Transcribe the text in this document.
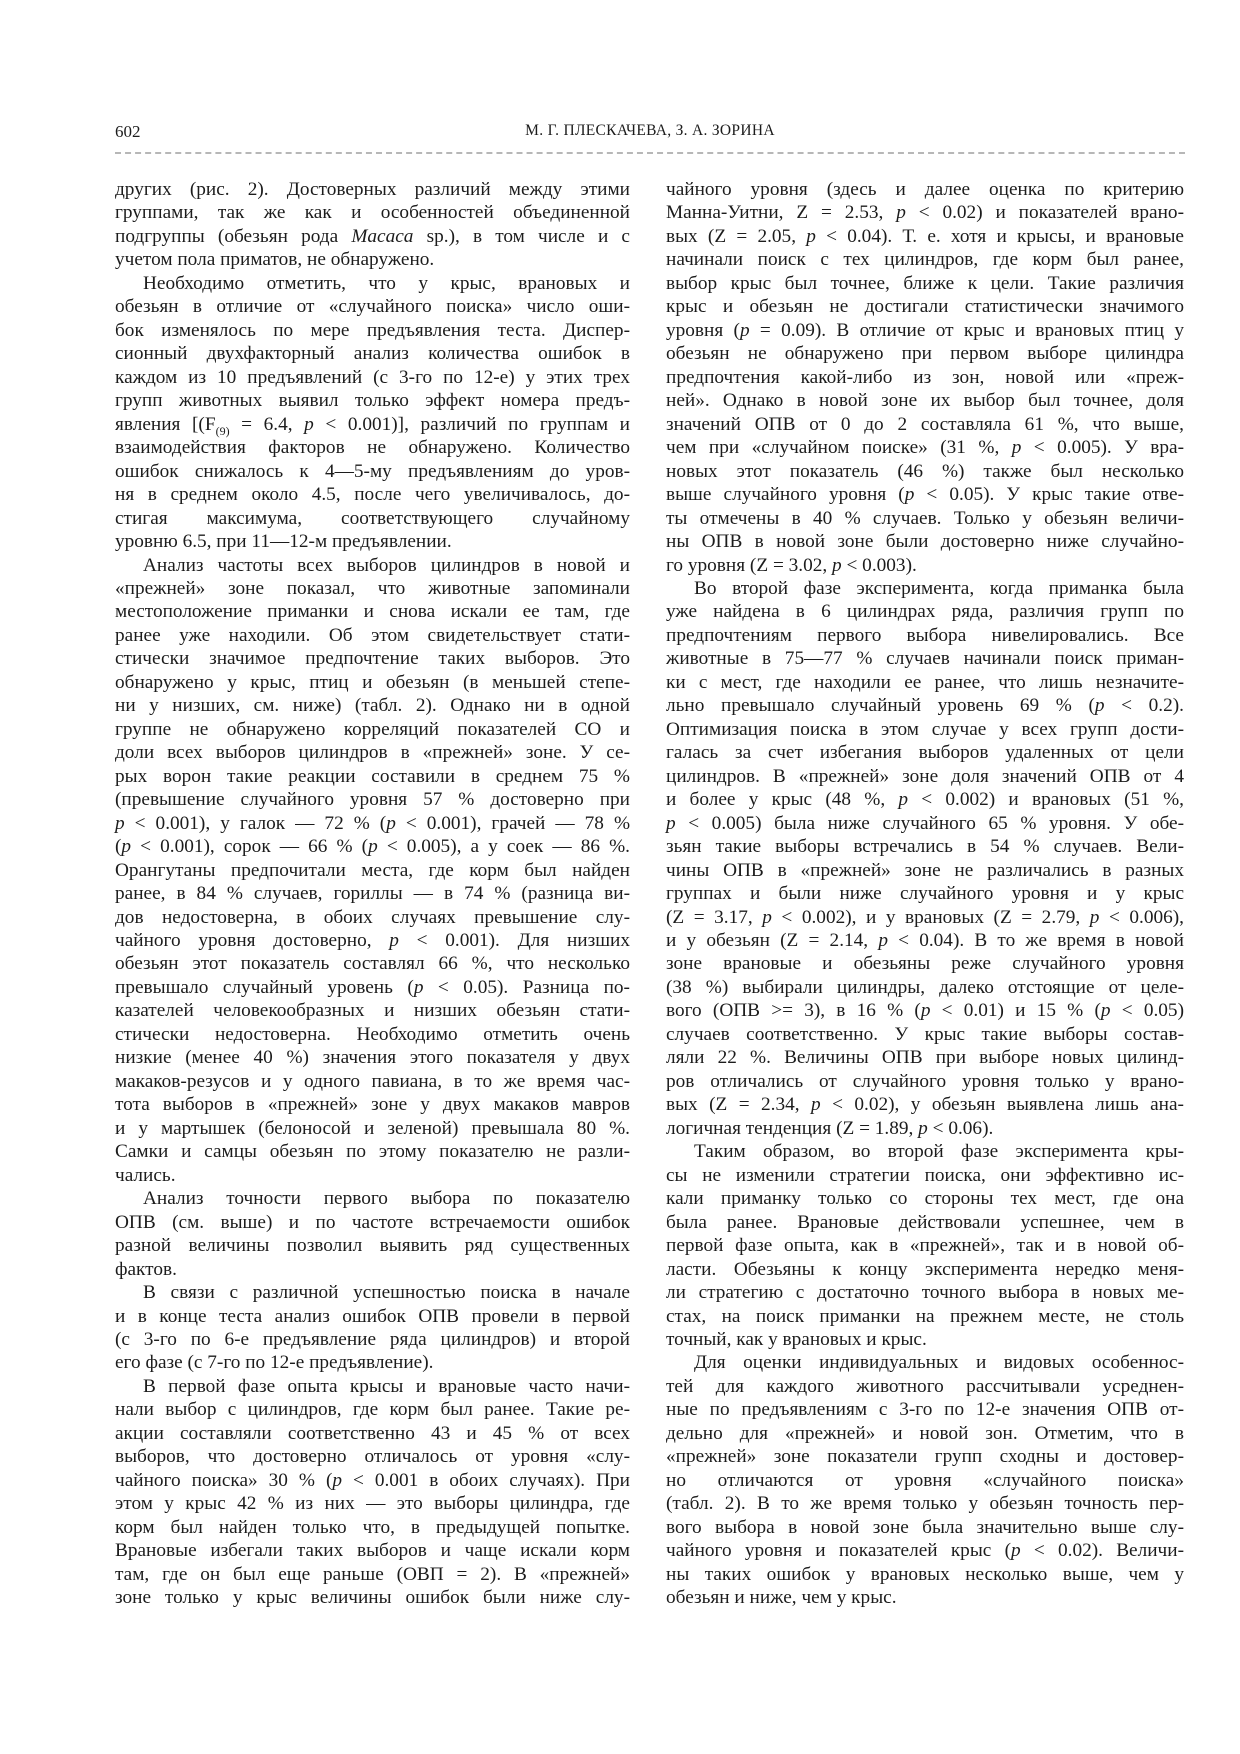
602	М. Г. ПЛЕСКАЧЕВА, З. А. ЗОРИНА
других (рис. 2). Достоверных различий между этими
группами, так же как и особенностей объединенной
подгруппы (обезьян рода Macaca sp.), в том числе и с
учетом пола приматов, не обнаружено.
Необходимо отметить, что у крыс, врановых и
обезьян в отличие от «случайного поиска» число оши-
бок изменялось по мере предъявления теста. Диспер-
сионный двухфакторный анализ количества ошибок в
каждом из 10 предъявлений (с 3-го по 12-е) у этих трех
групп животных выявил только эффект номера предъ-
явления [($F_{(9)} = 6.4$, p < 0.001)], различий по группам и
взаимодействия факторов не обнаружено. Количество
ошибок снижалось к 4—5-му предъявлениям до уров-
ня в среднем около 4.5, после чего увеличивалось, до-
стигая максимума, соответствующего случайному
уровню 6.5, при 11—12-м предъявлении.
Анализ частоты всех выборов цилиндров в новой и
«прежней» зоне показал, что животные запоминали
местоположение приманки и снова искали ее там, где
ранее уже находили. Об этом свидетельствует стати-
стически значимое предпочтение таких выборов. Это
обнаружено у крыс, птиц и обезьян (в меньшей степе-
ни у низших, см. ниже) (табл. 2). Однако ни в одной
группе не обнаружено корреляций показателей СО и
доли всех выборов цилиндров в «прежней» зоне. У се-
рых ворон такие реакции составили в среднем 75 %
(превышение случайного уровня 57 % достоверно при
p < 0.001), у галок — 72 % (p < 0.001), грачей — 78 %
(p < 0.001), сорок — 66 % (p < 0.005), а у соек — 86 %.
Орангутаны предпочитали места, где корм был найден
ранее, в 84 % случаев, гориллы — в 74 % (разница ви-
дов недостоверна, в обоих случаях превышение слу-
чайного уровня достоверно, p < 0.001). Для низших
обезьян этот показатель составлял 66 %, что несколько
превышало случайный уровень (p < 0.05). Разница по-
казателей человекообразных и низших обезьян стати-
стически недостоверна. Необходимо отметить очень
низкие (менее 40 %) значения этого показателя у двух
макаков-резусов и у одного павиана, в то же время час-
тота выборов в «прежней» зоне у двух макаков мавров
и у мартышек (белоносой и зеленой) превышала 80 %.
Самки и самцы обезьян по этому показателю не разли-
чались.
Анализ точности первого выбора по показателю
ОПВ (см. выше) и по частоте встречаемости ошибок
разной величины позволил выявить ряд существенных
фактов.
В связи с различной успешностью поиска в начале
и в конце теста анализ ошибок ОПВ провели в первой
(с 3-го по 6-е предъявление ряда цилиндров) и второй
его фазе (с 7-го по 12-е предъявление).
В первой фазе опыта крысы и врановые часто начи-
нали выбор с цилиндров, где корм был ранее. Такие ре-
акции составляли соответственно 43 и 45 % от всех
выборов, что достоверно отличалось от уровня «слу-
чайного поиска» 30 % (p < 0.001 в обоих случаях). При
этом у крыс 42 % из них — это выборы цилиндра, где
корм был найден только что, в предыдущей попытке.
Врановые избегали таких выборов и чаще искали корм
там, где он был еще раньше (ОВП = 2). В «прежней»
зоне только у крыс величины ошибок были ниже слу-
чайного уровня (здесь и далее оценка по критерию
Манна-Уитни, Z = 2.53, p < 0.02) и показателей врано-
вых (Z = 2.05, p < 0.04). Т. е. хотя и крысы, и врановые
начинали поиск с тех цилиндров, где корм был ранее,
выбор крыс был точнее, ближе к цели. Такие различия
крыс и обезьян не достигали статистически значимого
уровня (p = 0.09). В отличие от крыс и врановых птиц у
обезьян не обнаружено при первом выборе цилиндра
предпочтения какой-либо из зон, новой или «преж-
ней». Однако в новой зоне их выбор был точнее, доля
значений ОПВ от 0 до 2 составляла 61 %, что выше,
чем при «случайном поиске» (31 %, p < 0.005). У вра-
новых этот показатель (46 %) также был несколько
выше случайного уровня (p < 0.05). У крыс такие отве-
ты отмечены в 40 % случаев. Только у обезьян величи-
ны ОПВ в новой зоне были достоверно ниже случайно-
го уровня (Z = 3.02, p < 0.003).
Во второй фазе эксперимента, когда приманка была
уже найдена в 6 цилиндрах ряда, различия групп по
предпочтениям первого выбора нивелировались. Все
животные в 75—77 % случаев начинали поиск приман-
ки с мест, где находили ее ранее, что лишь незначите-
льно превышало случайный уровень 69 % (p < 0.2).
Оптимизация поиска в этом случае у всех групп дости-
галась за счет избегания выборов удаленных от цели
цилиндров. В «прежней» зоне доля значений ОПВ от 4
и более у крыс (48 %, p < 0.002) и врановых (51 %,
p < 0.005) была ниже случайного 65 % уровня. У обе-
зьян такие выборы встречались в 54 % случаев. Вели-
чины ОПВ в «прежней» зоне не различались в разных
группах и были ниже случайного уровня и у крыс
(Z = 3.17, p < 0.002), и у врановых (Z = 2.79, p < 0.006),
и у обезьян (Z = 2.14, p < 0.04). В то же время в новой
зоне врановые и обезьяны реже случайного уровня
(38 %) выбирали цилиндры, далеко отстоящие от целе-
вого (ОПВ >= 3), в 16 % (p < 0.01) и 15 % (p < 0.05)
случаев соответственно. У крыс такие выборы состав-
ляли 22 %. Величины ОПВ при выборе новых цилинд-
ров отличались от случайного уровня только у врано-
вых (Z = 2.34, p < 0.02), у обезьян выявлена лишь ана-
логичная тенденция (Z = 1.89, p < 0.06).
Таким образом, во второй фазе эксперимента кры-
сы не изменили стратегии поиска, они эффективно ис-
кали приманку только со стороны тех мест, где она
была ранее. Врановые действовали успешнее, чем в
первой фазе опыта, как в «прежней», так и в новой об-
ласти. Обезьяны к концу эксперимента нередко меня-
ли стратегию с достаточно точного выбора в новых ме-
стах, на поиск приманки на прежнем месте, не столь
точный, как у врановых и крыс.
Для оценки индивидуальных и видовых особеннос-
тей для каждого животного рассчитывали усреднен-
ные по предъявлениям с 3-го по 12-е значения ОПВ от-
дельно для «прежней» и новой зон. Отметим, что в
«прежней» зоне показатели групп сходны и достовер-
но отличаются от уровня «случайного поиска»
(табл. 2). В то же время только у обезьян точность пер-
вого выбора в новой зоне была значительно выше слу-
чайного уровня и показателей крыс (p < 0.02). Величи-
ны таких ошибок у врановых несколько выше, чем у
обезьян и ниже, чем у крыс.
